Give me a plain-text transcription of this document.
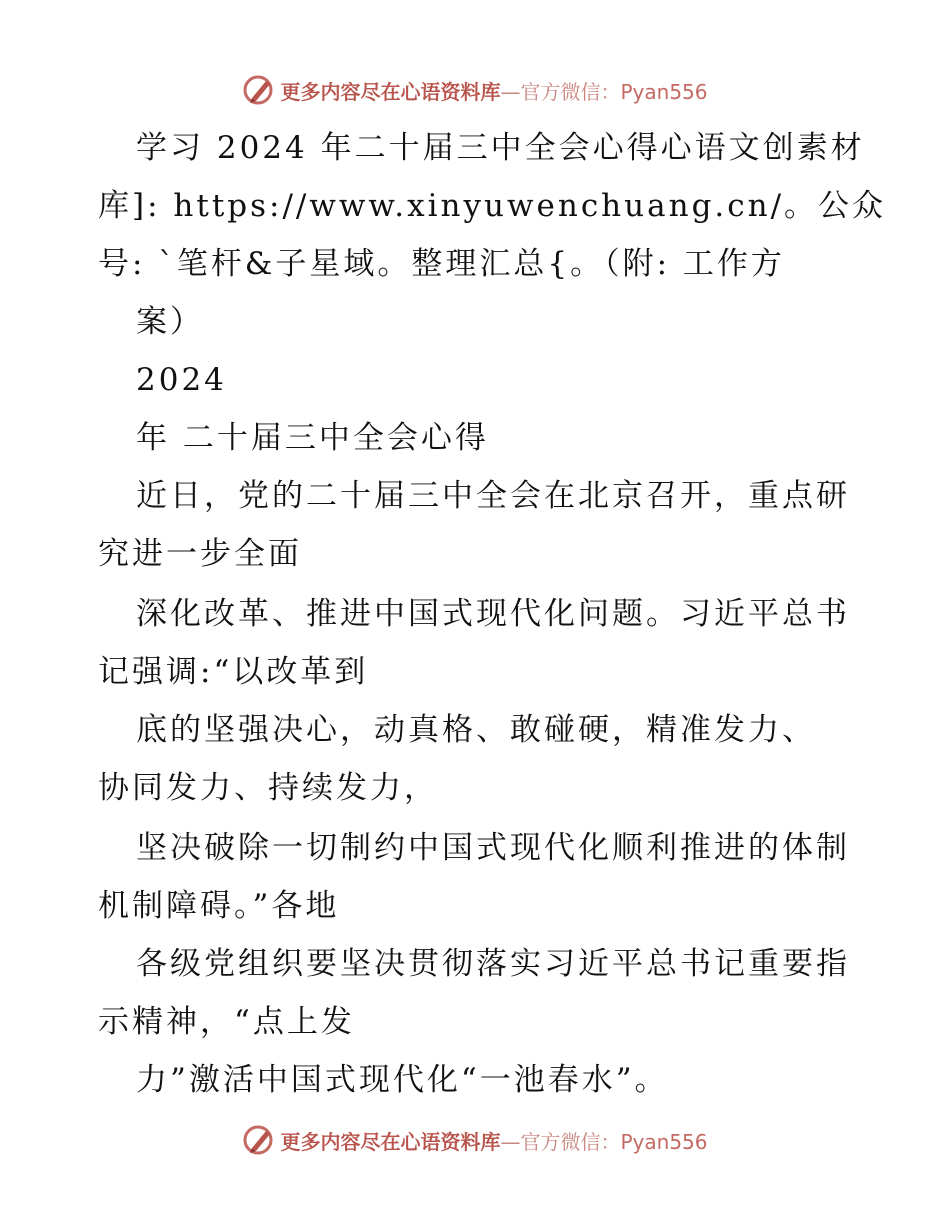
更多内容尽在心语资料库—官方微信：Pyan556
学习 2024 年二十届三中全会心得心语文创素材
库]: https://www.xinyuwenchuang.cn/。公众
号: `笔杆&子星域。整理汇总{。（附: 工作方
案）
2024
年 二十届三中全会心得
近日，党的二十届三中全会在北京召开，重点研
究进一步全面
深化改革、推进中国式现代化问题。习近平总书
记强调:“以改革到
底的坚强决心，动真格、敢碰硬，精准发力、
协同发力、持续发力，
坚决破除一切制约中国式现代化顺利推进的体制
机制障碍。”各地
各级党组织要坚决贯彻落实习近平总书记重要指
示精神，“点上发
力”激活中国式现代化“一池春水”。
更多内容尽在心语资料库—官方微信：Pyan556
